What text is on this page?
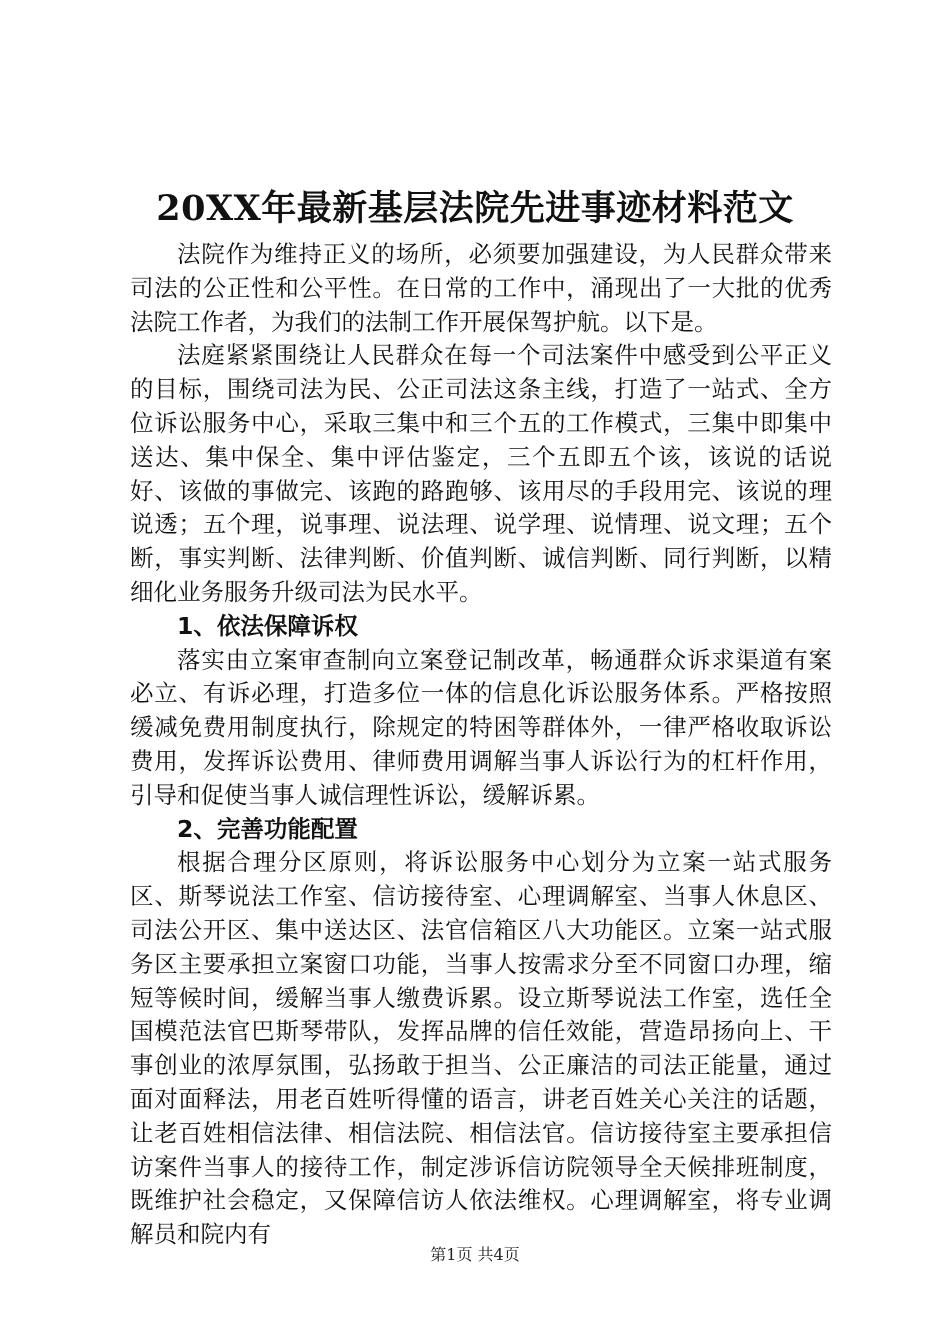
20XX年最新基层法院先进事迹材料范文

法院作为维持正义的场所，必须要加强建设，为人民群众带来司法的公正性和公平性。在日常的工作中，涌现出了一大批的优秀法院工作者，为我们的法制工作开展保驾护航。以下是。

法庭紧紧围绕让人民群众在每一个司法案件中感受到公平正义的目标，围绕司法为民、公正司法这条主线，打造了一站式、全方位诉讼服务中心，采取三集中和三个五的工作模式，三集中即集中送达、集中保全、集中评估鉴定，三个五即五个该，该说的话说好、该做的事做完、该跑的路跑够、该用尽的手段用完、该说的理说透；五个理，说事理、说法理、说学理、说情理、说文理；五个断，事实判断、法律判断、价值判断、诚信判断、同行判断，以精细化业务服务升级司法为民水平。

1、依法保障诉权

落实由立案审查制向立案登记制改革，畅通群众诉求渠道有案必立、有诉必理，打造多位一体的信息化诉讼服务体系。严格按照缓减免费用制度执行，除规定的特困等群体外，一律严格收取诉讼费用，发挥诉讼费用、律师费用调解当事人诉讼行为的杠杆作用，引导和促使当事人诚信理性诉讼，缓解诉累。

2、完善功能配置

根据合理分区原则，将诉讼服务中心划分为立案一站式服务区、斯琴说法工作室、信访接待室、心理调解室、当事人休息区、司法公开区、集中送达区、法官信箱区八大功能区。立案一站式服务区主要承担立案窗口功能，当事人按需求分至不同窗口办理，缩短等候时间，缓解当事人缴费诉累。设立斯琴说法工作室，选任全国模范法官巴斯琴带队，发挥品牌的信任效能，营造昂扬向上、干事创业的浓厚氛围，弘扬敢于担当、公正廉洁的司法正能量，通过面对面释法，用老百姓听得懂的语言，讲老百姓关心关注的话题，让老百姓相信法律、相信法院、相信法官。信访接待室主要承担信访案件当事人的接待工作，制定涉诉信访院领导全天候排班制度，既维护社会稳定，又保障信访人依法维权。心理调解室，将专业调解员和院内有

第1页 共4页
